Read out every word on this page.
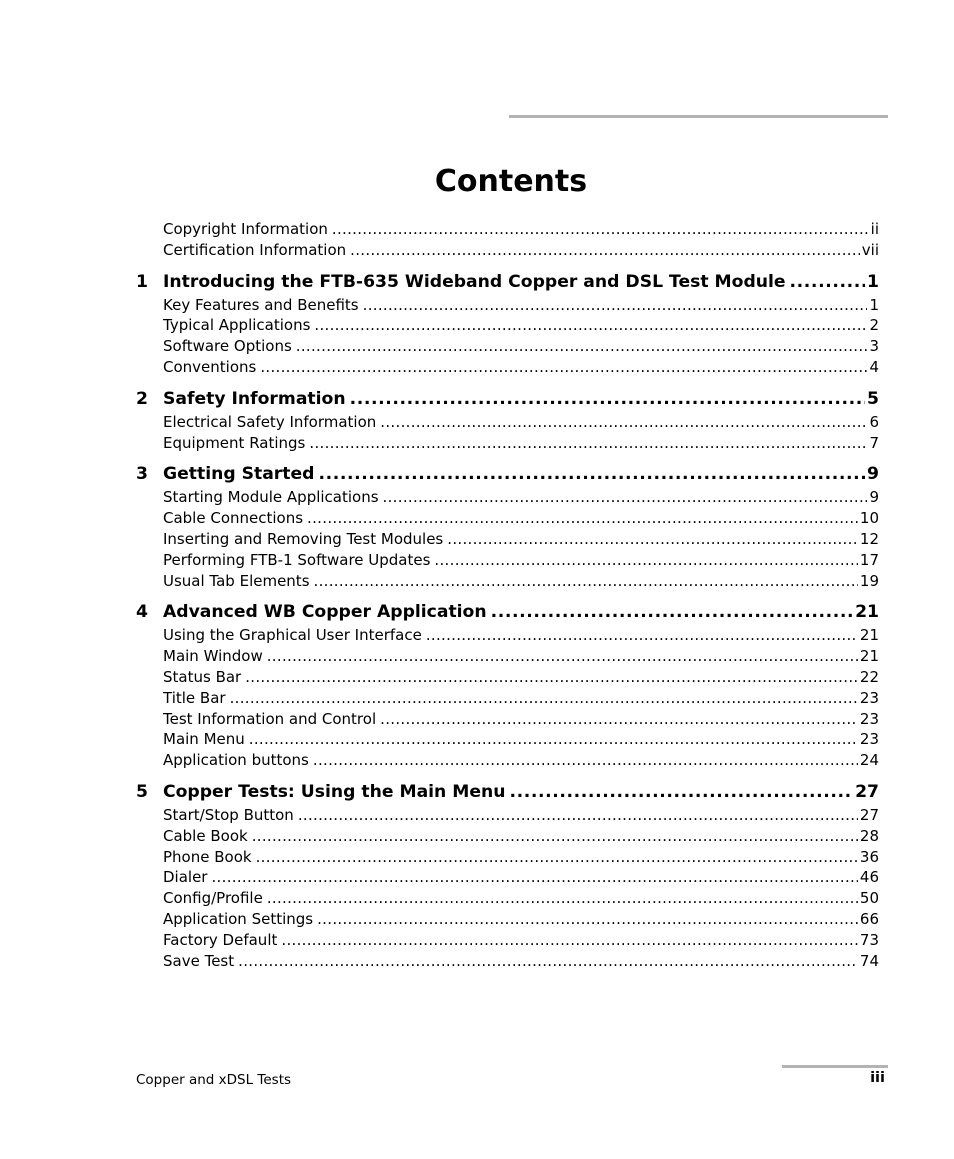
Contents
Copyright Information .....	ii
Certification Information .....	vii
1 Introducing the FTB-635 Wideband Copper and DSL Test Module .....	1
Key Features and Benefits .....	1
Typical Applications .....	2
Software Options .....	3
Conventions .....	4
2 Safety Information .....	5
Electrical Safety Information .....	6
Equipment Ratings .....	7
3 Getting Started .....	9
Starting Module Applications .....	9
Cable Connections .....	10
Inserting and Removing Test Modules .....	12
Performing FTB-1 Software Updates .....	17
Usual Tab Elements .....	19
4 Advanced WB Copper Application .....	21
Using the Graphical User Interface .....	21
Main Window .....	21
Status Bar .....	22
Title Bar .....	23
Test Information and Control .....	23
Main Menu .....	23
Application buttons .....	24
5 Copper Tests: Using the Main Menu .....	27
Start/Stop Button .....	27
Cable Book .....	28
Phone Book .....	36
Dialer .....	46
Config/Profile .....	50
Application Settings .....	66
Factory Default .....	73
Save Test .....	74
Copper and xDSL Tests	iii
